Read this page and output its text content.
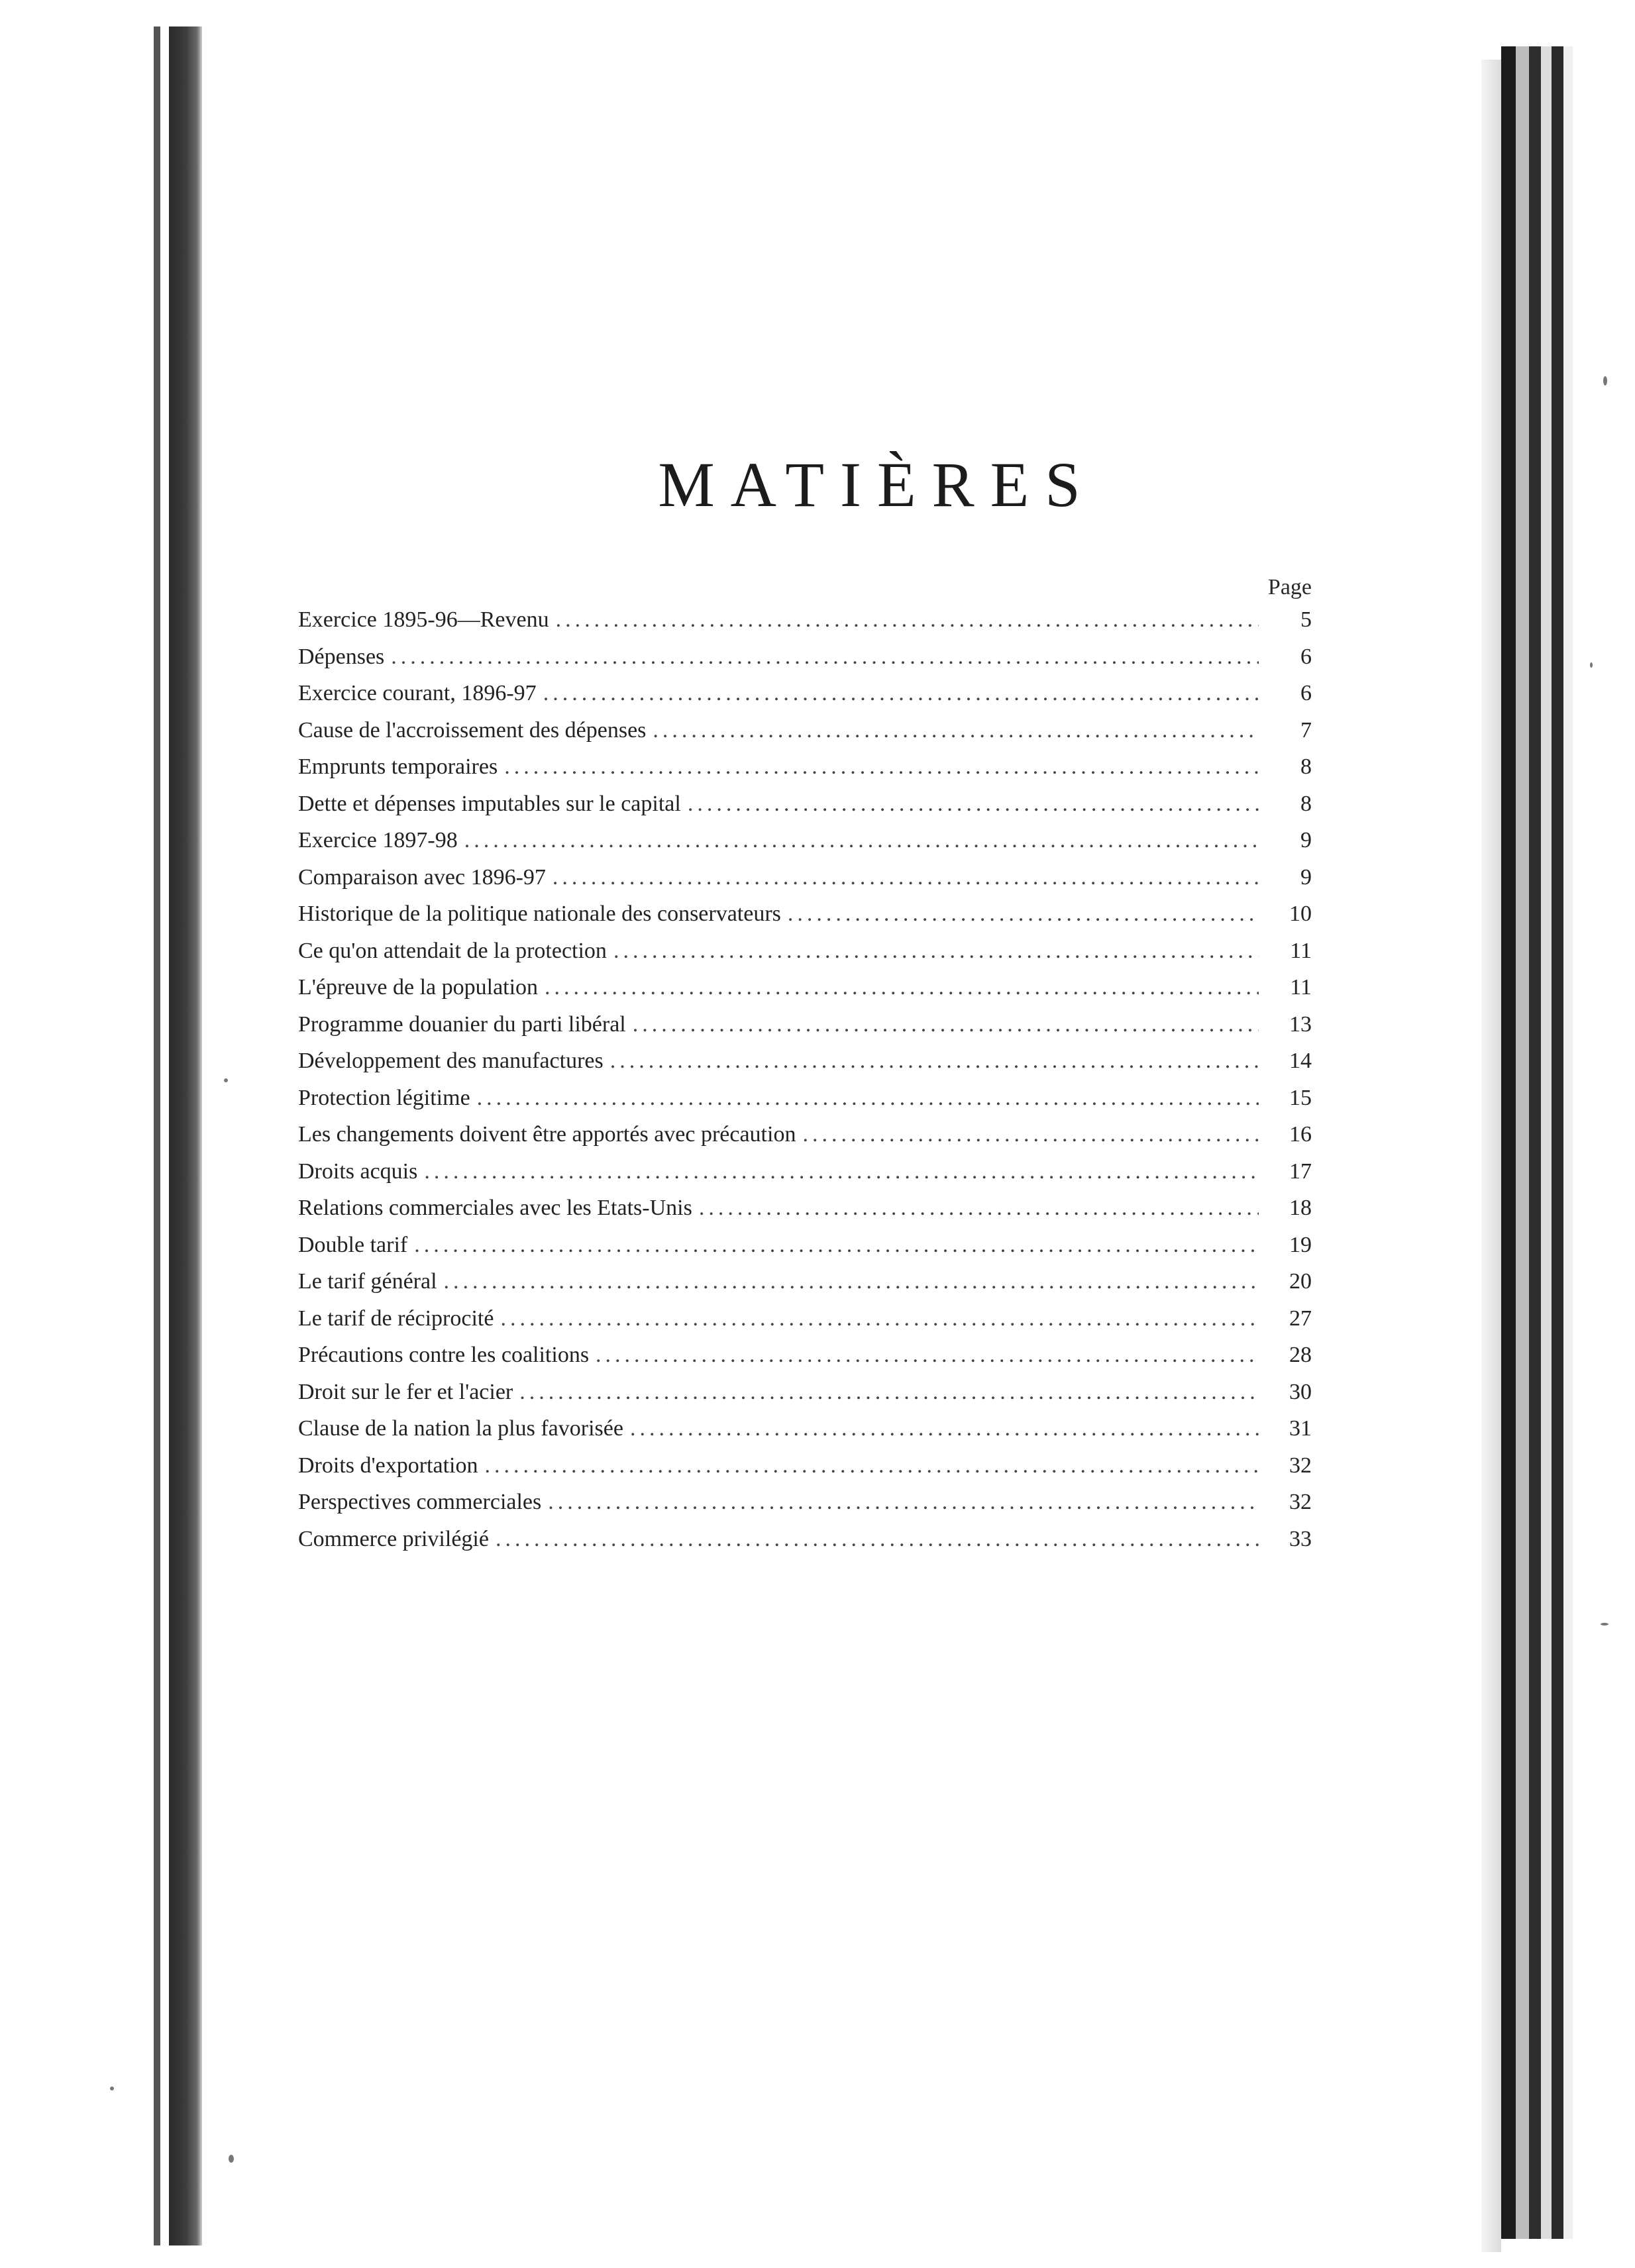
MATIÈRES
Page
Exercice 1895-96—Revenu .....	5
Dépenses .....	6
Exercice courant, 1896-97 .....	6
Cause de l'accroissement des dépenses .....	7
Emprunts temporaires .....	8
Dette et dépenses imputables sur le capital .....	8
Exercice 1897-98 .....	9
Comparaison avec 1896-97 .....	9
Historique de la politique nationale des conservateurs .....	10
Ce qu'on attendait de la protection .....	11
L'épreuve de la population .....	11
Programme douanier du parti libéral .....	13
Développement des manufactures .....	14
Protection légitime .....	15
Les changements doivent être apportés avec précaution .....	16
Droits acquis .....	17
Relations commerciales avec les Etats-Unis .....	18
Double tarif .....	19
Le tarif général .....	20
Le tarif de réciprocité .....	27
Précautions contre les coalitions .....	28
Droit sur le fer et l'acier .....	30
Clause de la nation la plus favorisée .....	31
Droits d'exportation .....	32
Perspectives commerciales .....	32
Commerce privilégié .....	33
